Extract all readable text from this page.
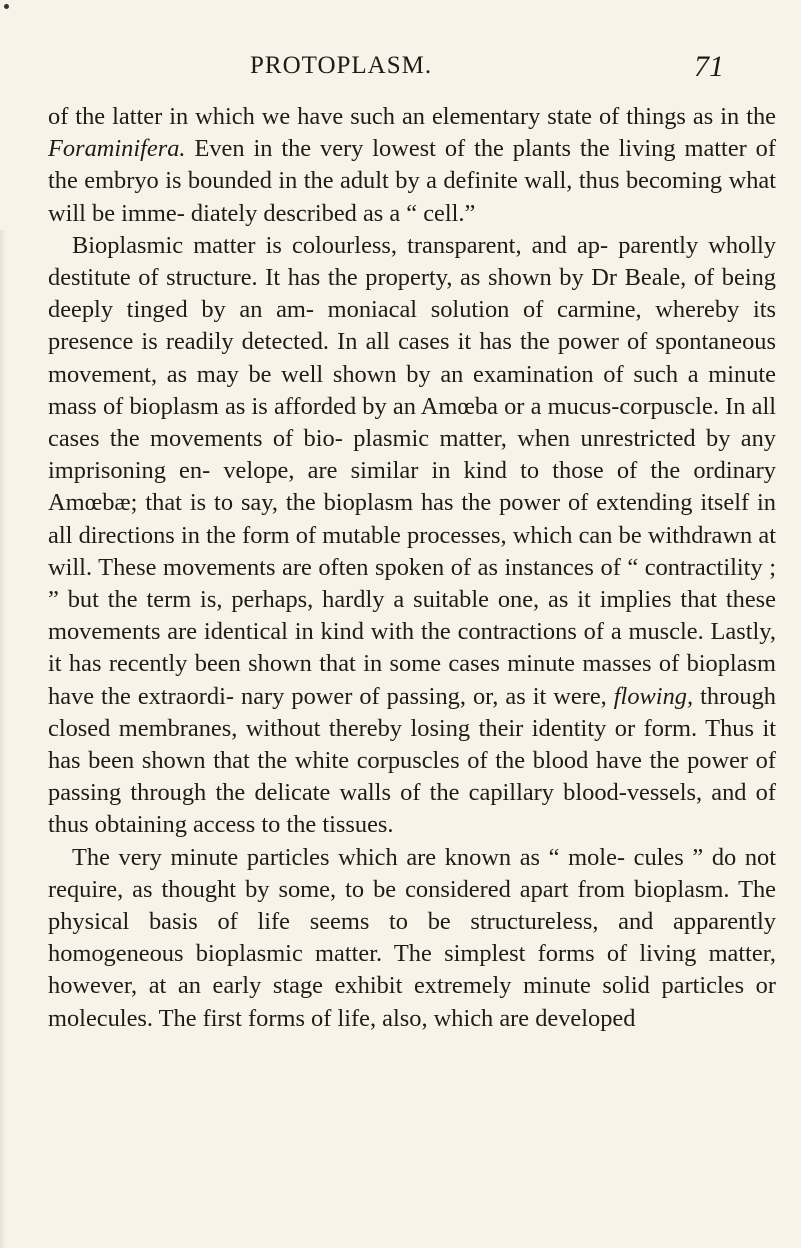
PROTOPLASM.	71

of the latter in which we have such an elementary state of things as in the Foraminifera. Even in the very lowest of the plants the living matter of the embryo is bounded in the adult by a definite wall, thus becoming what will be imme- diately described as a “ cell.”

Bioplasmic matter is colourless, transparent, and ap- parently wholly destitute of structure. It has the property, as shown by Dr Beale, of being deeply tinged by an am- moniacal solution of carmine, whereby its presence is readily detected. In all cases it has the power of spontaneous movement, as may be well shown by an examination of such a minute mass of bioplasm as is afforded by an Amœba or a mucus-corpuscle. In all cases the movements of bio- plasmic matter, when unrestricted by any imprisoning en- velope, are similar in kind to those of the ordinary Amœbæ; that is to say, the bioplasm has the power of extending itself in all directions in the form of mutable processes, which can be withdrawn at will. These movements are often spoken of as instances of “ contractility ; ” but the term is, perhaps, hardly a suitable one, as it implies that these movements are identical in kind with the contractions of a muscle. Lastly, it has recently been shown that in some cases minute masses of bioplasm have the extraordi- nary power of passing, or, as it were, flowing, through closed membranes, without thereby losing their identity or form. Thus it has been shown that the white corpuscles of the blood have the power of passing through the delicate walls of the capillary blood-vessels, and of thus obtaining access to the tissues.

The very minute particles which are known as “ mole- cules ” do not require, as thought by some, to be considered apart from bioplasm. The physical basis of life seems to be structureless, and apparently homogeneous bioplasmic matter. The simplest forms of living matter, however, at an early stage exhibit extremely minute solid particles or molecules. The first forms of life, also, which are developed
